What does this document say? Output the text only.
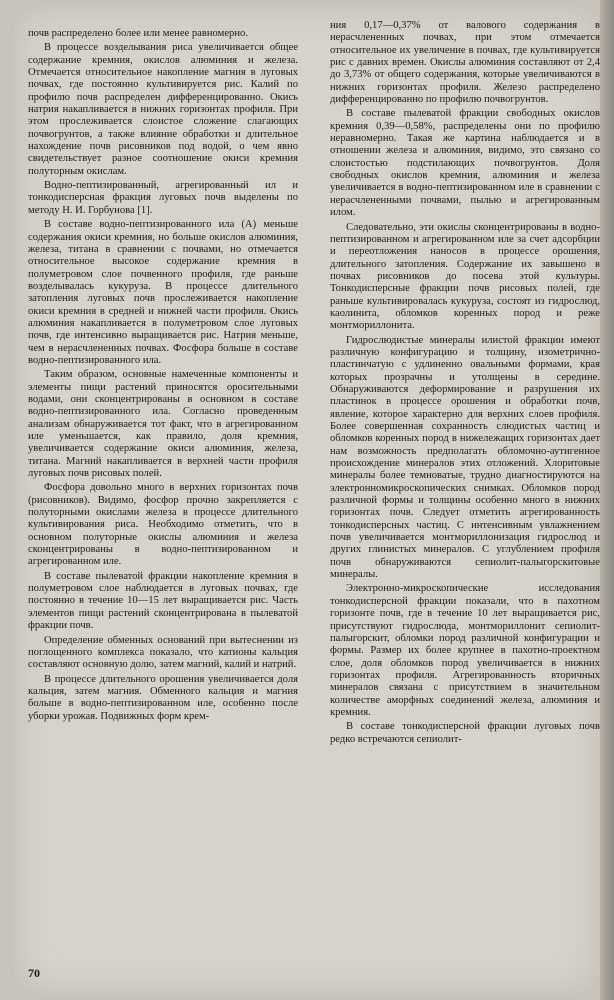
почв распределено более или менее равномерно.

В процессе возделывания риса увеличивается общее содержание кремния, окислов алюминия и железа. Отмечается относительное накопление магния в луговых почвах, где постоянно культивируется рис. Калий по профилю почв распределен дифференцированно. Окись натрия накапливается в нижних горизонтах профиля. При этом прослеживается слоистое сложение слагающих почвогрунтов, а также влияние обработки и длительное нахождение почв рисовников под водой, о чем явно свидетельствует разное соотношение окиси кремния полуторным окислам.

Водно-пептизированный, агрегированный ил и тонкодисперсная фракция луговых почв выделены по методу Н. И. Горбунова [1].

В составе водно-пептизированного ила (А) меньше содержания окиси кремния, но больше окислов алюминия, железа, титана в сравнении с почвами, но отмечается относительное высокое содержание кремния в полуметровом слое почвенного профиля, где раньше возделывалась кукуруза. В процессе длительного затопления луговых почв прослеживается накопление окиси кремния в средней и нижней части профиля. Окись алюминия накапливается в полуметровом слое луговых почв, где интенсивно выращивается рис. Натрия меньше, чем в нерасчлененных почвах. Фосфора больше в составе водно-пептизированного ила.

Таким образом, основные намеченные компоненты и элементы пищи растений приносятся оросительными водами, они сконцентрированы в основном в составе водно-пептизированного ила. Согласно проведенным анализам обнаруживается тот факт, что в агрегированном иле уменьшается, как правило, доля кремния, увеличивается содержание окиси алюминия, железа, титана. Магний накапливается в верхней части профиля луговых почв рисовых полей.

Фосфора довольно много в верхних горизонтах почв (рисовников). Видимо, фосфор прочно закрепляется с полуторными окислами железа в процессе длительного культивирования риса. Необходимо отметить, что в основном полуторные окислы алюминия и железа сконцентрированы в водно-пептизированном и агрегированном иле.

В составе пылеватой фракции накопление кремния в полуметровом слое наблюдается в луговых почвах, где постоянно в течение 10—15 лет выращивается рис. Часть элементов пищи растений сконцентрирована в пылеватой фракции почв.

Определение обменных оснований при вытеснении из поглощенного комплекса показало, что катионы кальция составляют основную долю, затем магний, калий и натрий.

В процессе длительного орошения увеличивается доля кальция, затем магния. Обменного кальция и магния больше в водно-пептизированном иле, особенно после уборки урожая. Подвижных форм крем-

ния 0,17—0,37% от валового содержания в нерасчлененных почвах, при этом отмечается относительное их увеличение в почвах, где культивируется рис с давних времен. Окислы алюминия составляют от 2,4 до 3,73% от общего содержания, которые увеличиваются в нижних горизонтах профиля. Железо распределено дифференцированно по профилю почвогрунтов.

В составе пылеватой фракции свободных окислов кремния 0,39—0,58%, распределены они по профилю неравномерно. Такая же картина наблюдается и в отношении железа и алюминия, видимо, это связано со слоистостью подстилающих почвогрунтов. Доля свободных окислов кремния, алюминия и железа увеличивается в водно-пептизированном иле в сравнении с нерасчлененными почвами, пылью и агрегированным илом.

Следовательно, эти окислы сконцентрированы в водно-пептизированном и агрегированном иле за счет адсорбции и переотложения наносов в процессе орошения, длительного затопления. Содержание их завышено в почвах рисовников до посева этой культуры. Тонкодисперсные фракции почв рисовых полей, где раньше культивировалась кукуруза, состоят из гидрослюд, каолинита, обломков коренных пород и реже монтмориллонита.

Гидрослюдистые минералы илистой фракции имеют различную конфигурацию и толщину, изометрично-пластинчатую с удлиненно овальными формами, края которых прозрачны и утолщены в середине. Обнаруживаются деформирование и разрушения их пластинок в процессе орошения и обработки почв, явление, которое характерно для верхних слоев профиля. Более совершенная сохранность слюдистых частиц и обломков коренных пород в нижележащих горизонтах дает нам возможность предполагать обломочно-аутигенное происхождение минералов этих отложений. Хлоритовые минералы более темноватые, трудно диагностируются на электронномикроскопических снимках. Обломков пород различной формы и толщины особенно много в нижних горизонтах почв. Следует отметить агрегированность тонкодисперсных частиц. С интенсивным увлажнением почв увеличивается монтмориллонизация гидрослюд и других глинистых минералов. С углублением профиля почв обнаруживаются сепиолит-палыгорскитовые минералы.

Электронно-микроскопические исследования тонкодисперсной фракции показали, что в пахотном горизонте почв, где в течение 10 лет выращивается рис, присутствуют гидрослюда, монтмориллонит сепиолит-палыгорскит, обломки пород различной конфигурации и формы. Размер их более крупнее в пахотно-проектном слое, доля обломков пород увеличивается в нижних горизонтах профиля. Агрегированность вторичных минералов связана с присутствием в значительном количестве аморфных соединений железа, алюминия и кремния.

В составе тонкодисперсной фракции луговых почв редко встречаются сепиолит-

70
